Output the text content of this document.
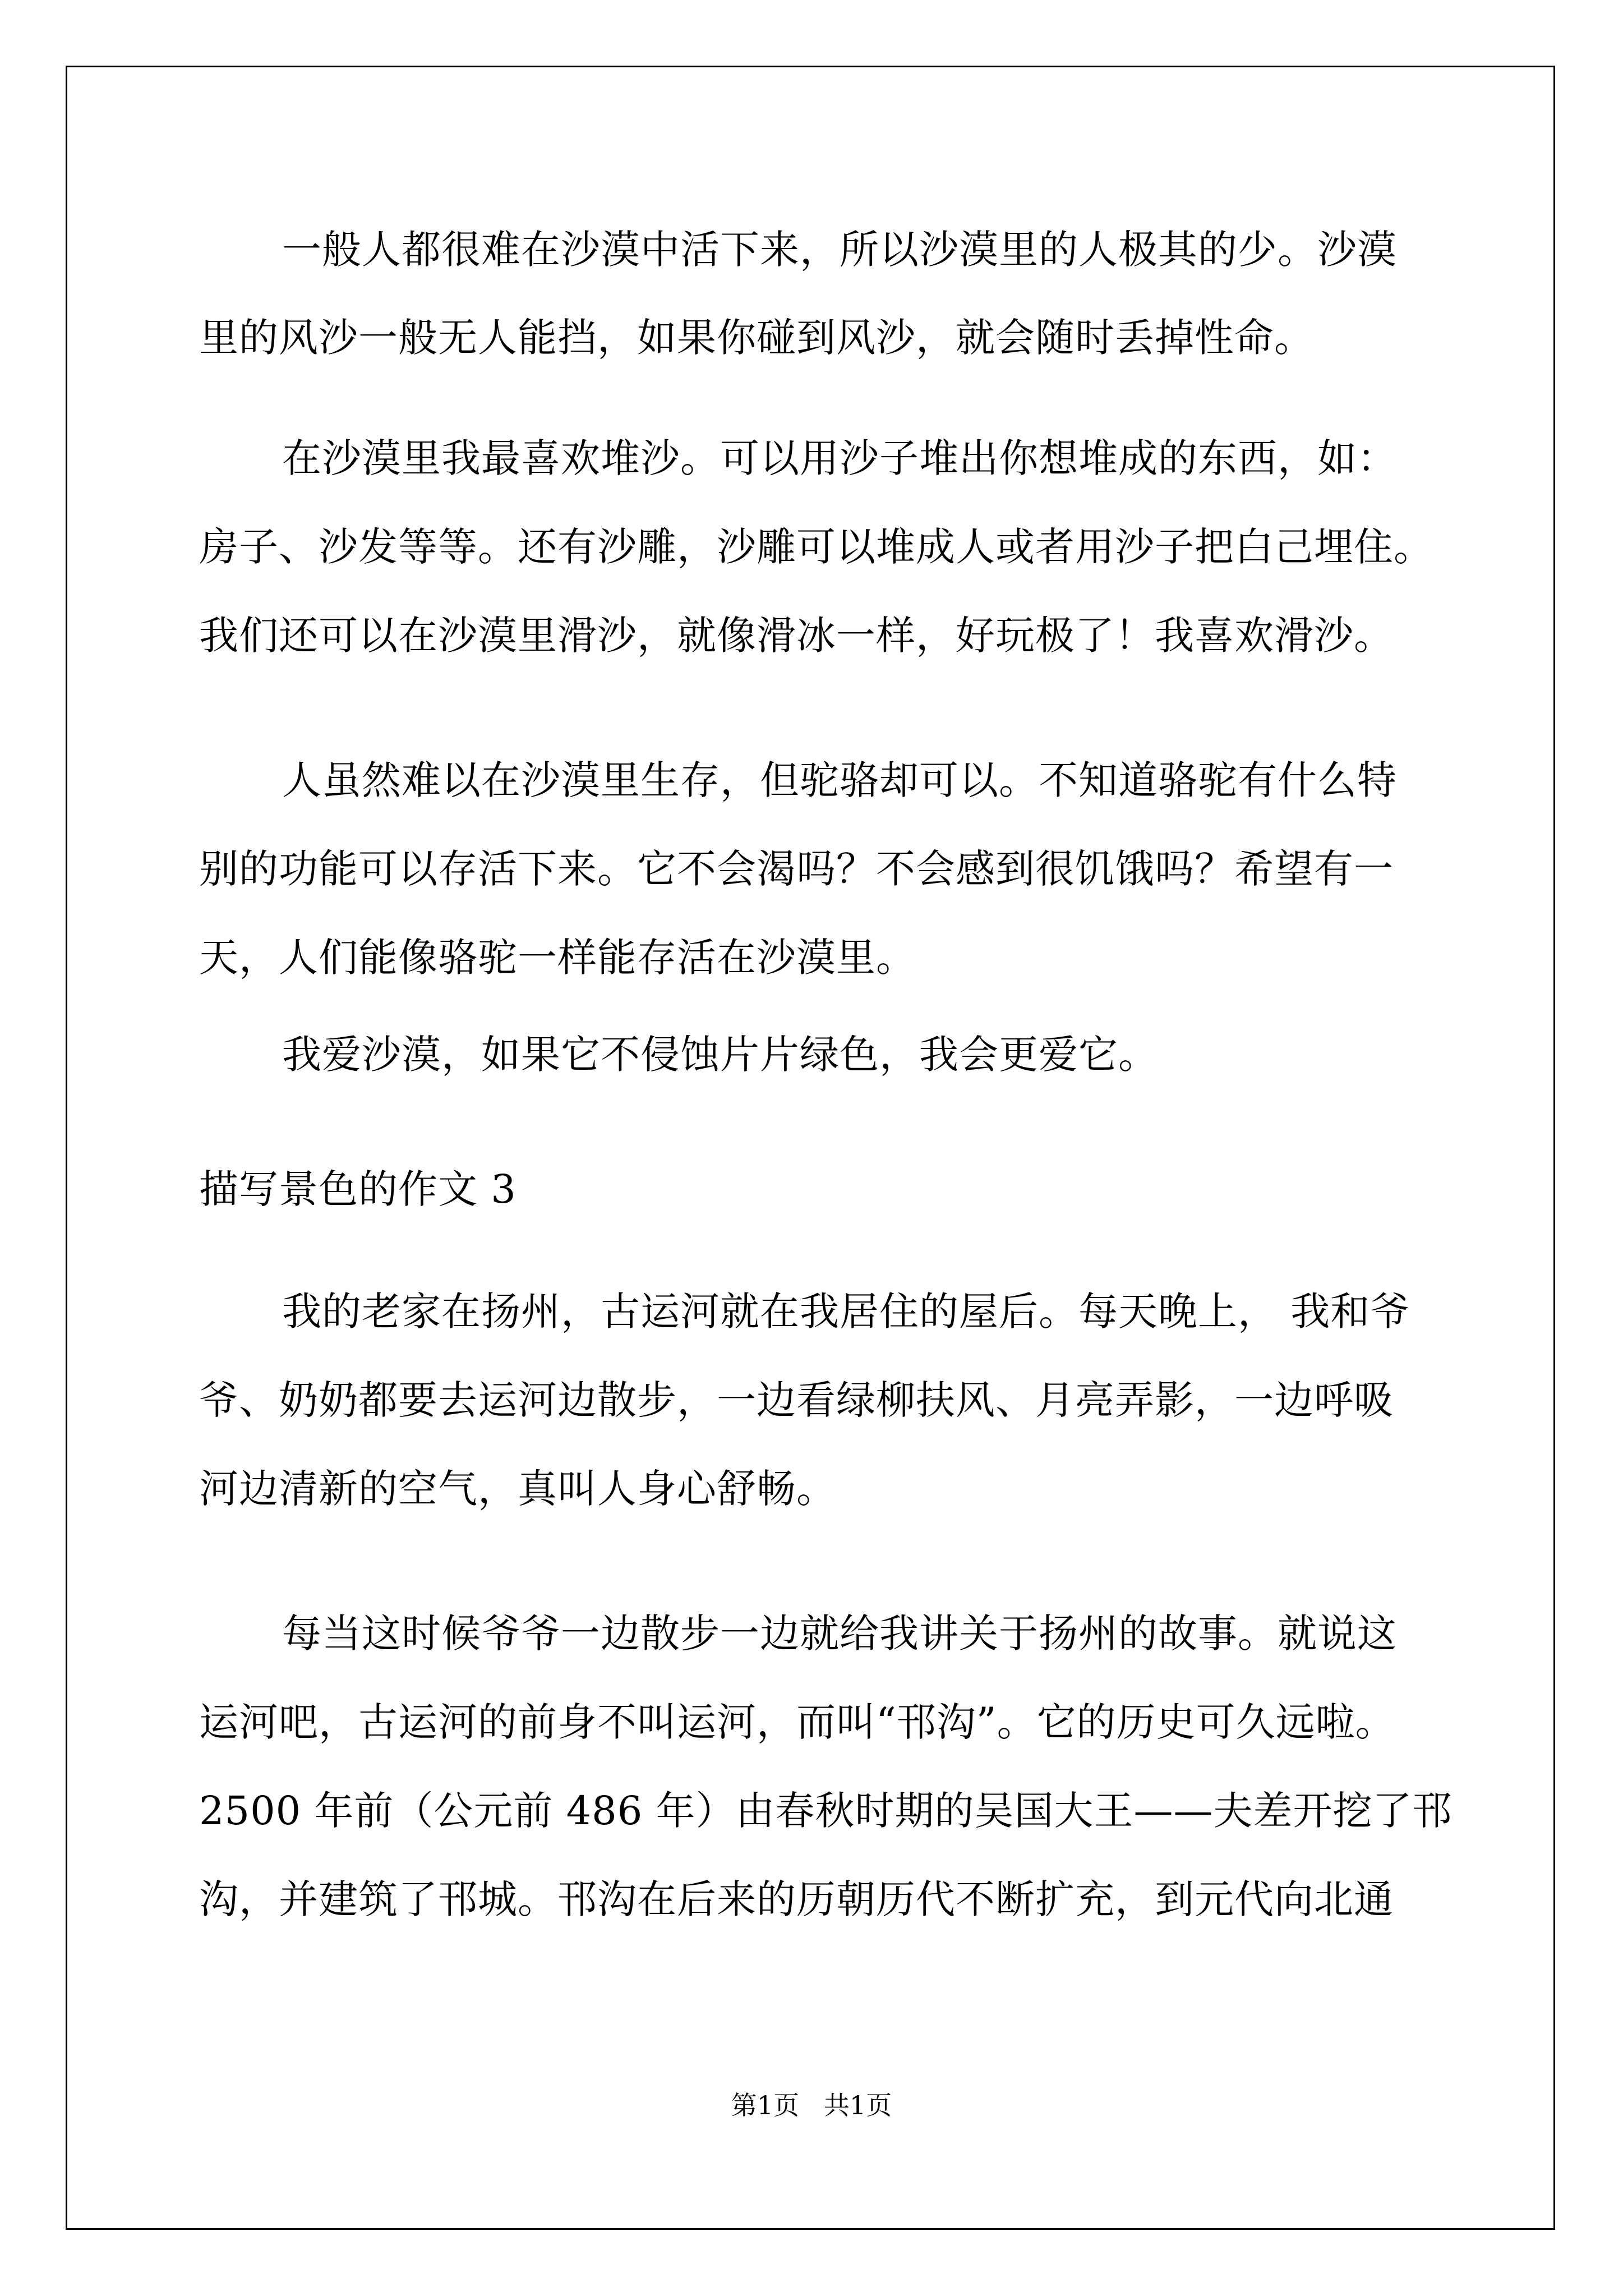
一般人都很难在沙漠中活下来，所以沙漠里的人极其的少。沙漠
里的风沙一般无人能挡，如果你碰到风沙，就会随时丢掉性命。
在沙漠里我最喜欢堆沙。可以用沙子堆出你想堆成的东西，如：
房子、沙发等等。还有沙雕，沙雕可以堆成人或者用沙子把白己埋住。
我们还可以在沙漠里滑沙，就像滑冰一样，好玩极了！我喜欢滑沙。
人虽然难以在沙漠里生存，但驼骆却可以。不知道骆驼有什么特
别的功能可以存活下来。它不会渴吗？不会感到很饥饿吗？希望有一
天，人们能像骆驼一样能存活在沙漠里。
我爱沙漠，如果它不侵蚀片片绿色，我会更爱它。
描写景色的作文 3
我的老家在扬州，古运河就在我居住的屋后。每天晚上， 我和爷
爷、奶奶都要去运河边散步，一边看绿柳扶风、月亮弄影，一边呼吸
河边清新的空气，真叫人身心舒畅。
每当这时候爷爷一边散步一边就给我讲关于扬州的故事。就说这
运河吧，古运河的前身不叫运河，而叫“邗沟”。它的历史可久远啦。
2500 年前（公元前 486 年）由春秋时期的吴国大王——夫差开挖了邗
沟，并建筑了邗城。邗沟在后来的历朝历代不断扩充，到元代向北通
第1页   共1页
